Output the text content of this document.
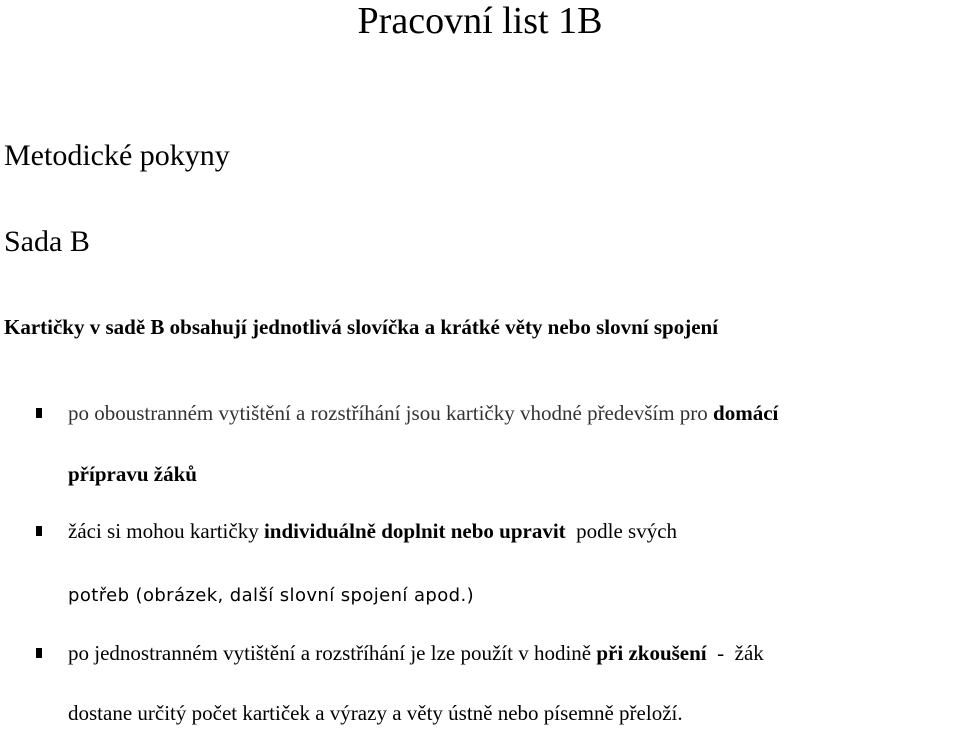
Pracovní list 1B
Metodické pokyny
Sada B
Kartičky v sadě B obsahují jednotlivá slovíčka a krátké věty nebo slovní spojení
po oboustranném vytištění a rozstříhání jsou kartičky vhodné především pro domácí
přípravu žáků
žáci si mohou kartičky individuálně doplnit nebo upravit  podle svých
potřeb (obrázek, další slovní spojení apod.)
po jednostranném vytištění a rozstříhání je lze použít v hodině při zkoušení  -  žák
dostane určitý počet kartiček a výrazy a věty ústně nebo písemně přeloží.
